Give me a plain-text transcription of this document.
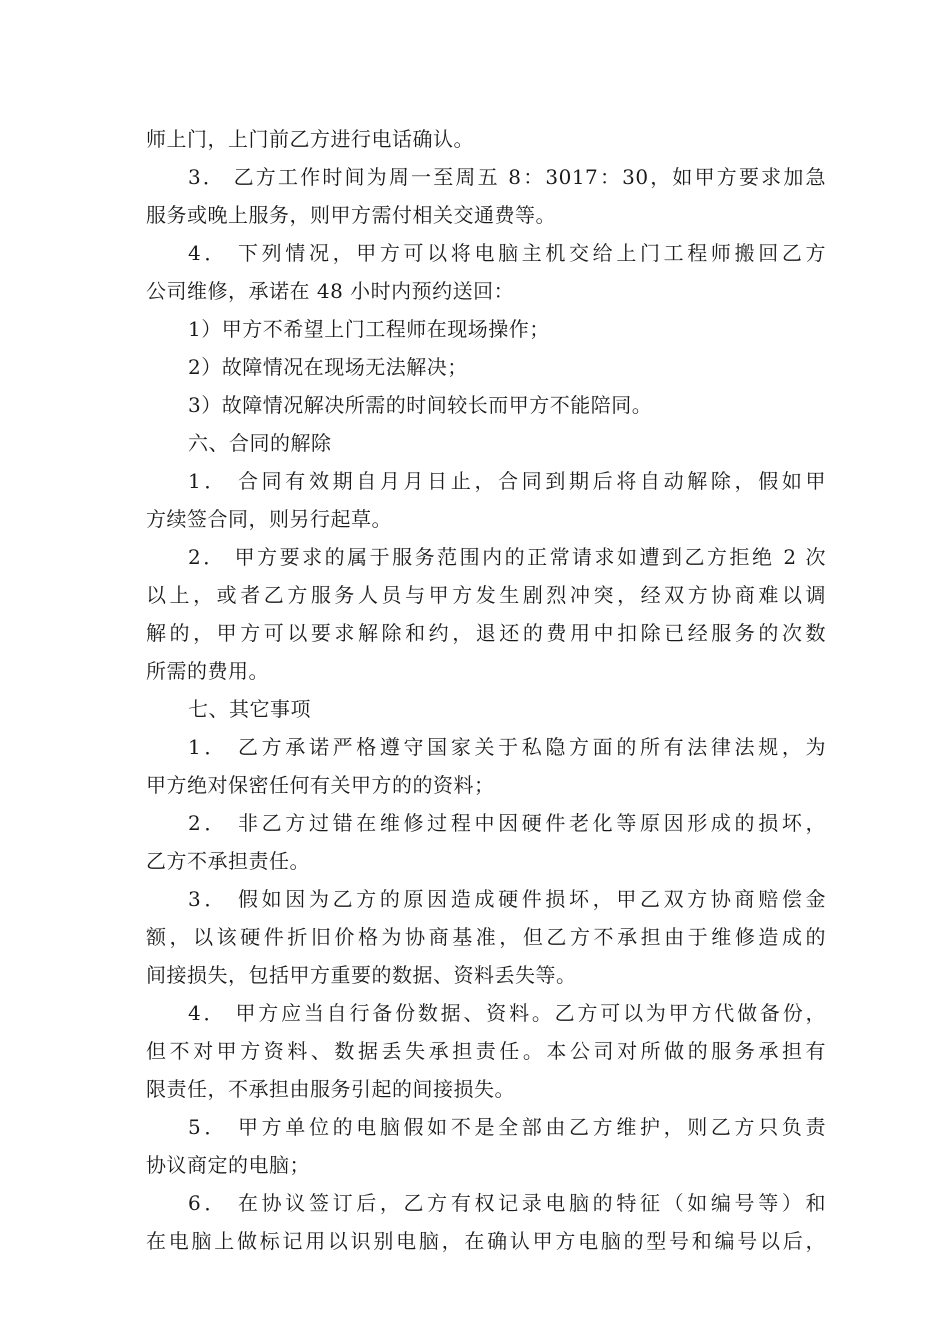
师上门，上门前乙方进行电话确认。
3． 乙方工作时间为周一至周五 8：3017：30，如甲方要求加急
服务或晚上服务，则甲方需付相关交通费等。
4． 下列情况，甲方可以将电脑主机交给上门工程师搬回乙方
公司维修，承诺在 48 小时内预约送回：
1）甲方不希望上门工程师在现场操作；
2）故障情况在现场无法解决；
3）故障情况解决所需的时间较长而甲方不能陪同。
六、合同的解除
1． 合同有效期自月月日止，合同到期后将自动解除，假如甲
方续签合同，则另行起草。
2． 甲方要求的属于服务范围内的正常请求如遭到乙方拒绝 2 次
以上，或者乙方服务人员与甲方发生剧烈冲突，经双方协商难以调
解的，甲方可以要求解除和约，退还的费用中扣除已经服务的次数
所需的费用。
七、其它事项
1． 乙方承诺严格遵守国家关于私隐方面的所有法律法规，为
甲方绝对保密任何有关甲方的的资料；
2． 非乙方过错在维修过程中因硬件老化等原因形成的损坏，
乙方不承担责任。
3． 假如因为乙方的原因造成硬件损坏，甲乙双方协商赔偿金
额，以该硬件折旧价格为协商基准，但乙方不承担由于维修造成的
间接损失，包括甲方重要的数据、资料丢失等。
4． 甲方应当自行备份数据、资料。乙方可以为甲方代做备份，
但不对甲方资料、数据丢失承担责任。本公司对所做的服务承担有
限责任，不承担由服务引起的间接损失。
5． 甲方单位的电脑假如不是全部由乙方维护，则乙方只负责
协议商定的电脑；
6． 在协议签订后，乙方有权记录电脑的特征（如编号等）和
在电脑上做标记用以识别电脑，在确认甲方电脑的型号和编号以后，
